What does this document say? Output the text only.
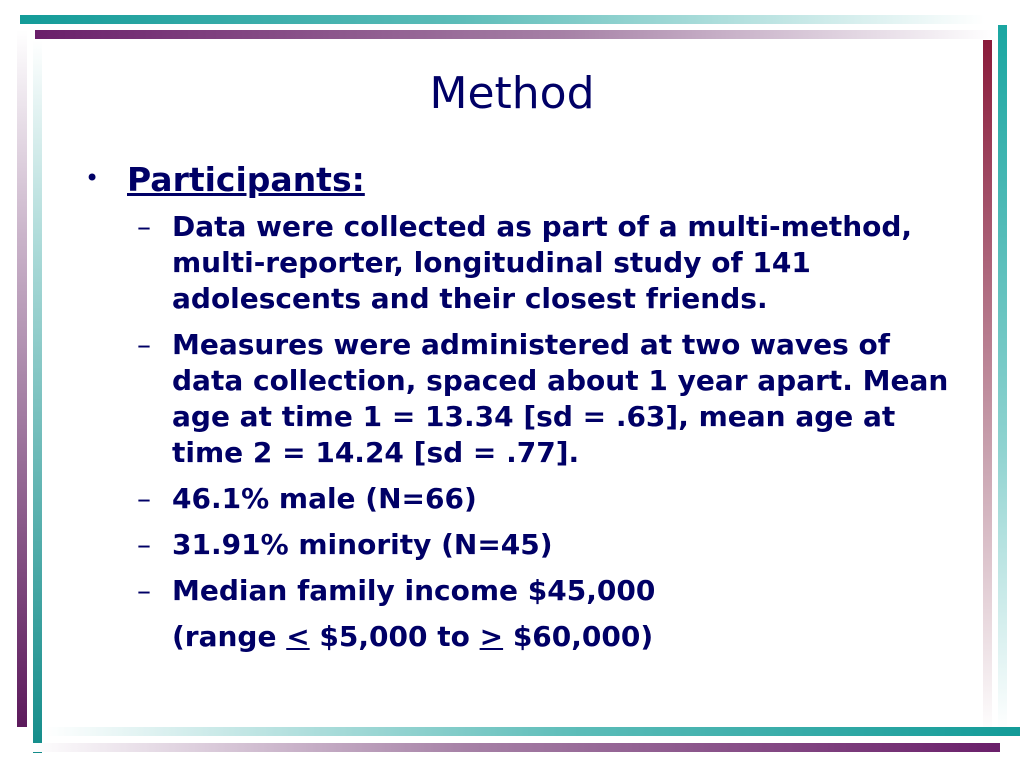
Method
• Participants:
– Data were collected as part of a multi-method, multi-reporter, longitudinal study of 141 adolescents and their closest friends.
– Measures were administered at two waves of data collection, spaced about 1 year apart. Mean age at time 1 = 13.34 [sd = .63], mean age at time 2 = 14.24 [sd = .77].
– 46.1% male (N=66)
– 31.91% minority (N=45)
– Median family income $45,000
(range < $5,000 to > $60,000)
